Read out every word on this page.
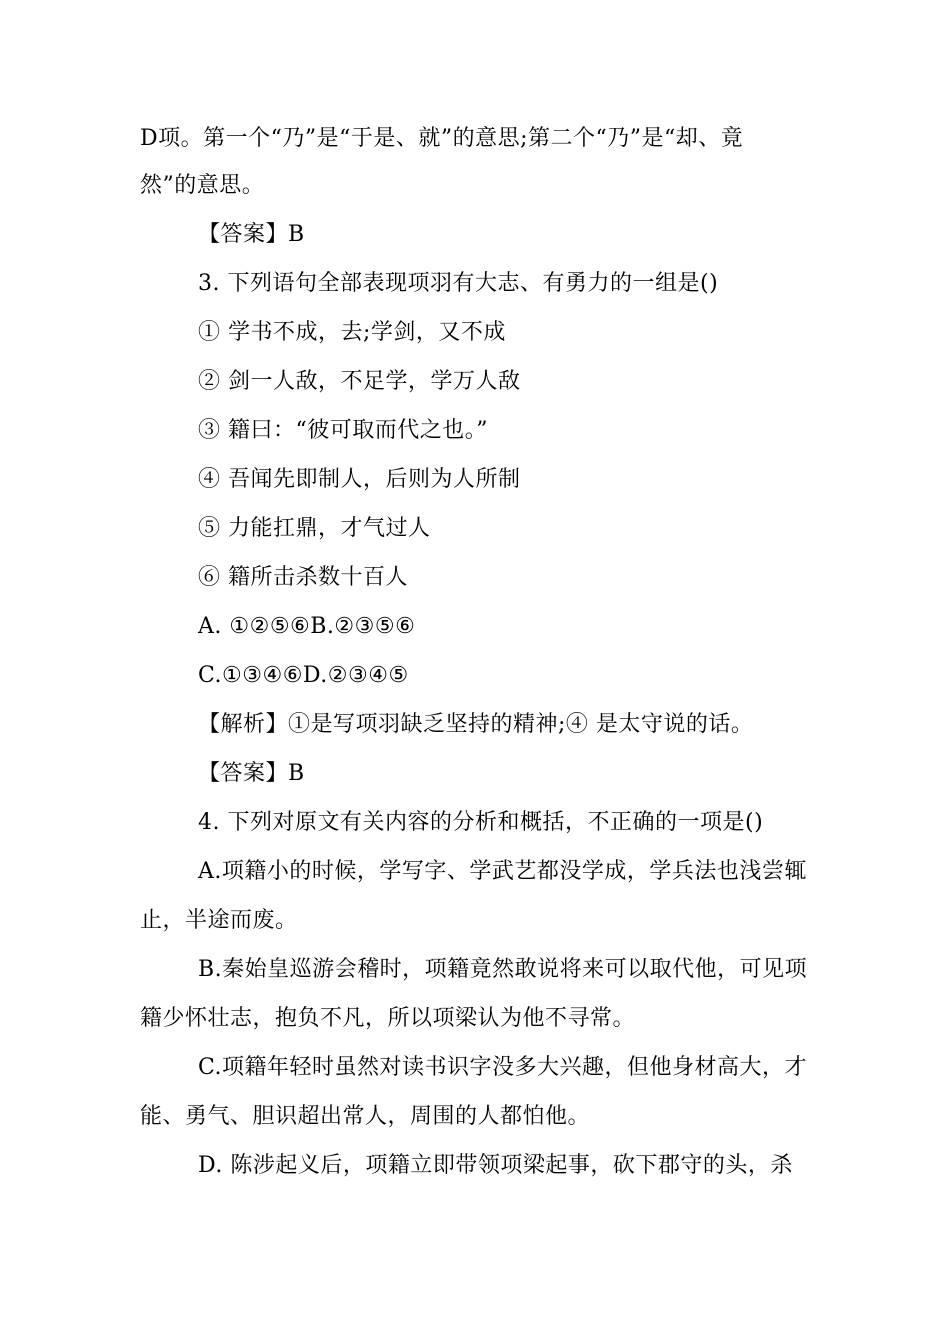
D项。第一个“乃”是“于是、就”的意思;第二个“乃”是“却、竟
然”的意思。
【答案】B
3. 下列语句全部表现项羽有大志、有勇力的一组是()
① 学书不成，去;学剑，又不成
② 剑一人敌，不足学，学万人敌
③ 籍曰：“彼可取而代之也。”
④ 吾闻先即制人，后则为人所制
⑤ 力能扛鼎，才气过人
⑥ 籍所击杀数十百人
A. ①②⑤⑥B.②③⑤⑥
C.①③④⑥D.②③④⑤
【解析】①是写项羽缺乏坚持的精神;④ 是太守说的话。
【答案】B
4. 下列对原文有关内容的分析和概括，不正确的一项是()
A.项籍小的时候，学写字、学武艺都没学成，学兵法也浅尝辄
止，半途而废。
B.秦始皇巡游会稽时，项籍竟然敢说将来可以取代他，可见项
籍少怀壮志，抱负不凡，所以项梁认为他不寻常。
C.项籍年轻时虽然对读书识字没多大兴趣，但他身材高大，才
能、勇气、胆识超出常人，周围的人都怕他。
D. 陈涉起义后，项籍立即带领项梁起事，砍下郡守的头，杀
